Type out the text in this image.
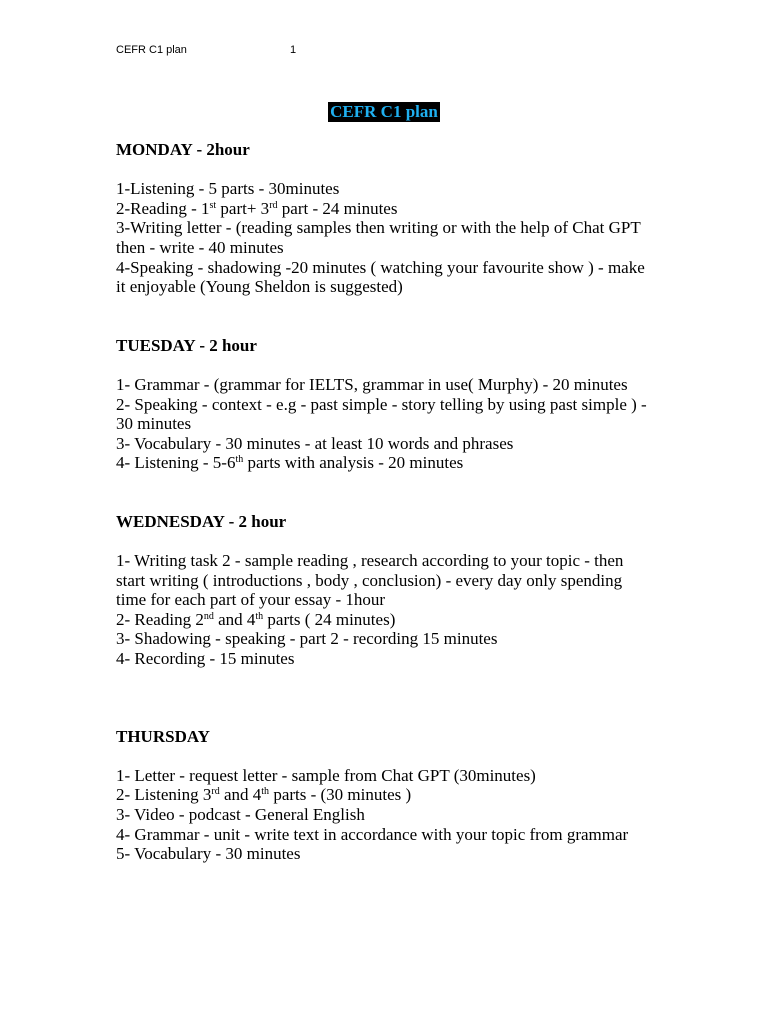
CEFR C1 plan	1
CEFR C1 plan

MONDAY - 2hour

1-Listening - 5 parts - 30minutes

2-Reading - 1st part+ 3rd part - 24 minutes

3-Writing letter - (reading samples then writing or with the help of Chat GPT then - write - 40 minutes

4-Speaking - shadowing -20 minutes ( watching your favourite show ) - make it enjoyable (Young Sheldon is suggested)

TUESDAY - 2 hour

1- Grammar - (grammar for IELTS, grammar in use( Murphy) - 20 minutes

2- Speaking - context - e.g - past simple - story telling by using past simple ) - 30 minutes

3- Vocabulary - 30 minutes - at least 10 words and phrases

4- Listening - 5-6th parts with analysis - 20 minutes

WEDNESDAY - 2 hour

1- Writing task 2 - sample reading , research according to your topic - then start writing ( introductions , body , conclusion) - every day only spending time for each part of your essay - 1hour

2- Reading 2nd and 4th parts ( 24 minutes)

3- Shadowing - speaking - part 2 - recording 15 minutes

4- Recording - 15 minutes

THURSDAY

1- Letter - request letter - sample from Chat GPT (30minutes)

2- Listening 3rd and 4th parts - (30 minutes )

3- Video - podcast - General English

4- Grammar - unit - write text in accordance with your topic from grammar

5- Vocabulary - 30 minutes
